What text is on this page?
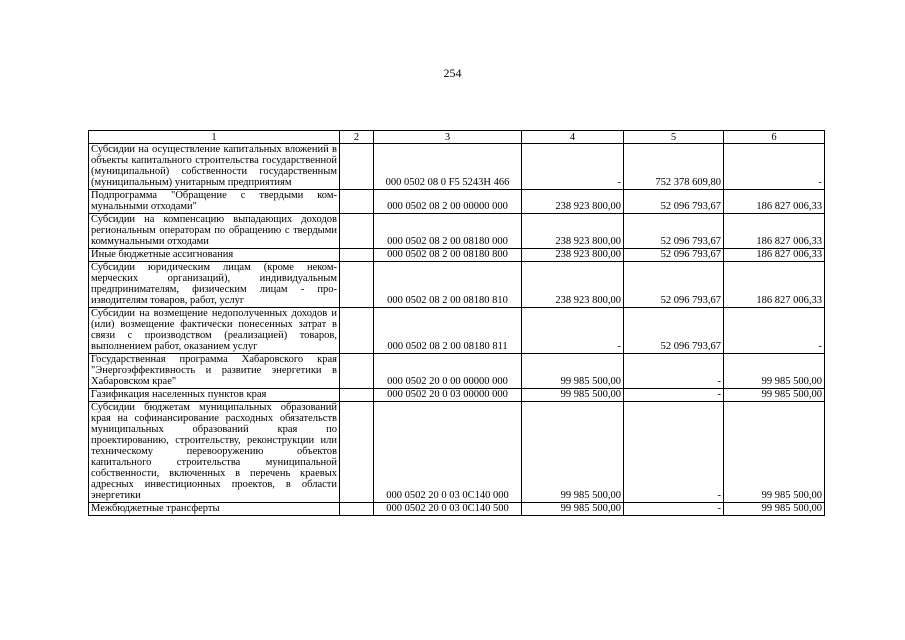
254
1	2	3	4	5	6
Субсидии на осуществление капитальных вложений в объекты капитального строительства государственной (муниципальной) собственности государственным (муниципальным) унитарным предприятиям		000 0502 08 0 F5 5243Н 466	-	752 378 609,80	-
Подпрограмма "Обращение с твердыми коммунальными отходами"		000 0502 08 2 00 00000 000	238 923 800,00	52 096 793,67	186 827 006,33
Субсидии на компенсацию выпадающих доходов региональным операторам по обращению с твердыми коммунальными отходами		000 0502 08 2 00 08180 000	238 923 800,00	52 096 793,67	186 827 006,33
Иные бюджетные ассигнования		000 0502 08 2 00 08180 800	238 923 800,00	52 096 793,67	186 827 006,33
Субсидии юридическим лицам (кроме некоммерческих организаций), индивидуальным предпринимателям, физическим лицам - производителям товаров, работ, услуг		000 0502 08 2 00 08180 810	238 923 800,00	52 096 793,67	186 827 006,33
Субсидии на возмещение недополученных доходов и (или) возмещение фактически понесенных затрат в связи с производством (реализацией) товаров, выполнением работ, оказанием услуг		000 0502 08 2 00 08180 811	-	52 096 793,67	-
Государственная программа Хабаровского края "Энергоэффективность и развитие энергетики в Хабаровском крае"		000 0502 20 0 00 00000 000	99 985 500,00	-	99 985 500,00
Газификация населенных пунктов края		000 0502 20 0 03 00000 000	99 985 500,00	-	99 985 500,00
Субсидии бюджетам муниципальных образований края на софинансирование расходных обязательств муниципальных образований края по проектированию, строительству, реконструкции или техническому перевооружению объектов капитального строительства муниципальной собственности, включенных в перечень краевых адресных инвестиционных проектов, в области энергетики		000 0502 20 0 03 0С140 000	99 985 500,00	-	99 985 500,00
Межбюджетные трансферты		000 0502 20 0 03 0С140 500	99 985 500,00	-	99 985 500,00
